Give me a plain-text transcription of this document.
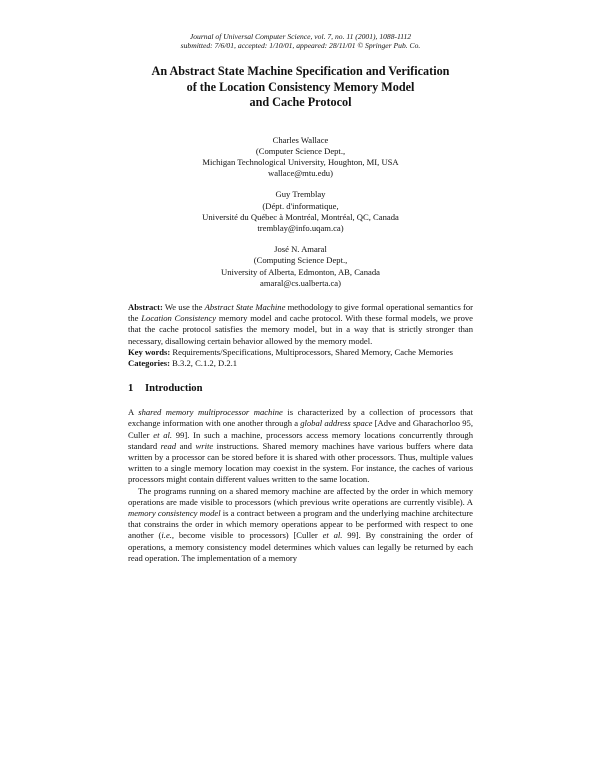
Journal of Universal Computer Science, vol. 7, no. 11 (2001), 1088-1112
submitted: 7/6/01, accepted: 1/10/01, appeared: 28/11/01 © Springer Pub. Co.
An Abstract State Machine Specification and Verification
of the Location Consistency Memory Model
and Cache Protocol
Charles Wallace
(Computer Science Dept.,
Michigan Technological University, Houghton, MI, USA
wallace@mtu.edu)
Guy Tremblay
(Dépt. d'informatique,
Université du Québec à Montréal, Montréal, QC, Canada
tremblay@info.uqam.ca)
José N. Amaral
(Computing Science Dept.,
University of Alberta, Edmonton, AB, Canada
amaral@cs.ualberta.ca)

Abstract: We use the Abstract State Machine methodology to give formal operational semantics for the Location Consistency memory model and cache protocol. With these formal models, we prove that the cache protocol satisfies the memory model, but in a way that is strictly stronger than necessary, disallowing certain behavior allowed by the memory model.

Key words: Requirements/Specifications, Multiprocessors, Shared Memory, Cache Memories

Categories: B.3.2, C.1.2, D.2.1

1 Introduction

A shared memory multiprocessor machine is characterized by a collection of processors that exchange information with one another through a global address space [Adve and Gharachorloo 95, Culler et al. 99]. In such a machine, processors access memory locations concurrently through standard read and write instructions. Shared memory machines have various buffers where data written by a processor can be stored before it is shared with other processors. Thus, multiple values written to a single memory location may coexist in the system. For instance, the caches of various processors might contain different values written to the same location.

The programs running on a shared memory machine are affected by the order in which memory operations are made visible to processors (which previous write operations are currently visible). A memory consistency model is a contract between a program and the underlying machine architecture that constrains the order in which memory operations appear to be performed with respect to one another (i.e., become visible to processors) [Culler et al. 99]. By constraining the order of operations, a memory consistency model determines which values can legally be returned by each read operation. The implementation of a memory
